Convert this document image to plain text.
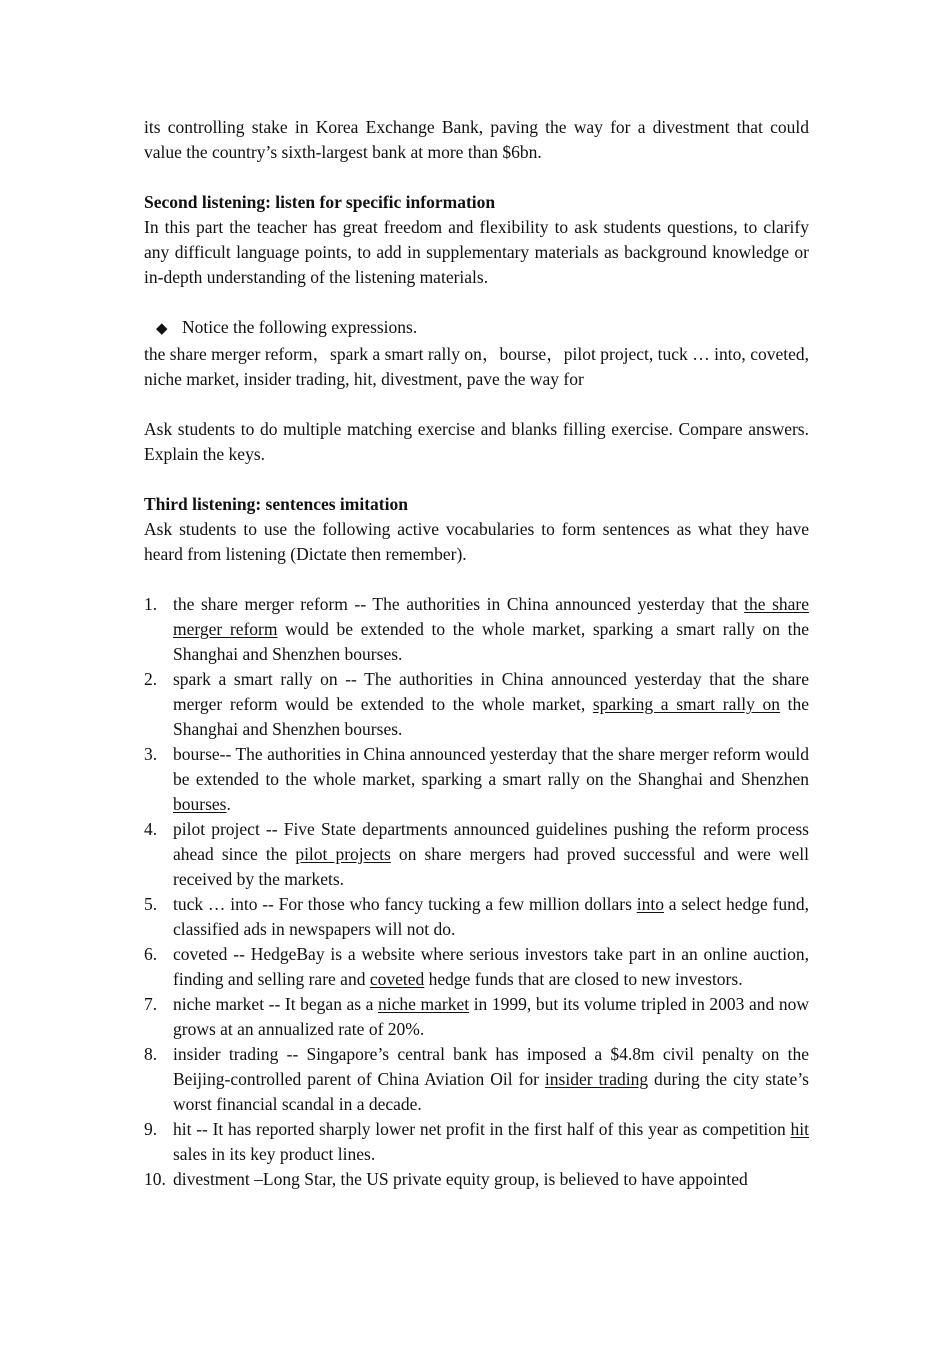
its controlling stake in Korea Exchange Bank, paving the way for a divestment that could value the country’s sixth-largest bank at more than $6bn.

Second listening: listen for specific information

In this part the teacher has great freedom and flexibility to ask students questions, to clarify any difficult language points, to add in supplementary materials as background knowledge or in-depth understanding of the listening materials.

◆ Notice the following expressions.

the share merger reform，spark a smart rally on，bourse，pilot project, tuck … into, coveted, niche market, insider trading, hit, divestment, pave the way for

Ask students to do multiple matching exercise and blanks filling exercise. Compare answers. Explain the keys.

Third listening: sentences imitation

Ask students to use the following active vocabularies to form sentences as what they have heard from listening (Dictate then remember).

1. the share merger reform -- The authorities in China announced yesterday that the share merger reform would be extended to the whole market, sparking a smart rally on the Shanghai and Shenzhen bourses.
2. spark a smart rally on -- The authorities in China announced yesterday that the share merger reform would be extended to the whole market, sparking a smart rally on the Shanghai and Shenzhen bourses.
3. bourse-- The authorities in China announced yesterday that the share merger reform would be extended to the whole market, sparking a smart rally on the Shanghai and Shenzhen bourses.
4. pilot project -- Five State departments announced guidelines pushing the reform process ahead since the pilot projects on share mergers had proved successful and were well received by the markets.
5. tuck … into -- For those who fancy tucking a few million dollars into a select hedge fund, classified ads in newspapers will not do.
6. coveted -- HedgeBay is a website where serious investors take part in an online auction, finding and selling rare and coveted hedge funds that are closed to new investors.
7. niche market -- It began as a niche market in 1999, but its volume tripled in 2003 and now grows at an annualized rate of 20%.
8. insider trading -- Singapore’s central bank has imposed a $4.8m civil penalty on the Beijing-controlled parent of China Aviation Oil for insider trading during the city state’s worst financial scandal in a decade.
9. hit -- It has reported sharply lower net profit in the first half of this year as competition hit sales in its key product lines.
10. divestment –Long Star, the US private equity group, is believed to have appointed
